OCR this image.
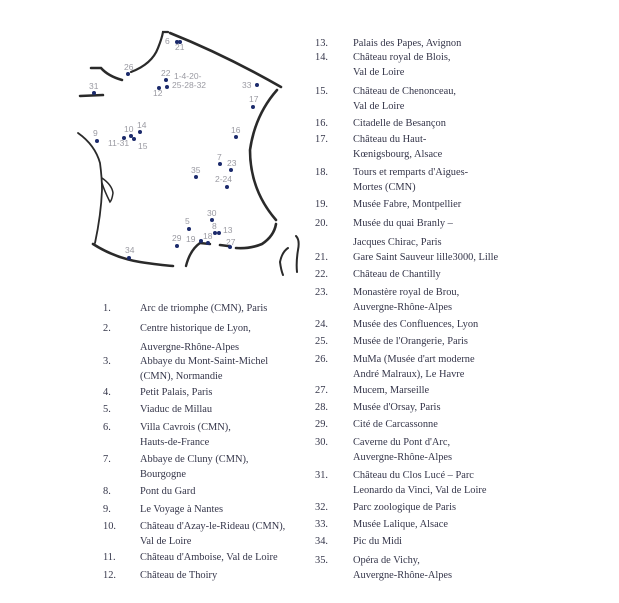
6
21
26
22 1-4-20-
25-28-32
12
31	33
17
16
9	10 14
11-31 15
7
23
35
2-24
30
5	8 13
29 19 18
27
34
1.	Arc de triomphe (CMN), Paris
2.	Centre historique de Lyon,
Auvergne-Rhône-Alpes
3.	Abbaye du Mont-Saint-Michel
(CMN), Normandie
4.	Petit Palais, Paris
5.	Viaduc de Millau
6.	Villa Cavrois (CMN),
Hauts-de-France
7.	Abbaye de Cluny (CMN),
Bourgogne
8.	Pont du Gard
9.	Le Voyage à Nantes
10. Château d'Azay-le-Rideau (CMN),
Val de Loire
11. Château d'Amboise, Val de Loire
12. Château de Thoiry
13. Palais des Papes, Avignon
14. Château royal de Blois,
Val de Loire
15. Château de Chenonceau,
Val de Loire
16. Citadelle de Besançon
17. Château du Haut-
Kœnigsbourg, Alsace
18. Tours et remparts d'Aigues-
Mortes (CMN)
19. Musée Fabre, Montpellier
20. Musée du quai Branly –
Jacques Chirac, Paris
21. Gare Saint Sauveur lille3000, Lille
22. Château de Chantilly
23. Monastère royal de Brou,
Auvergne-Rhône-Alpes
24. Musée des Confluences, Lyon
25. Musée de l'Orangerie, Paris
26. MuMa (Musée d'art moderne
André Malraux), Le Havre
27. Mucem, Marseille
28. Musée d'Orsay, Paris
29. Cité de Carcassonne
30. Caverne du Pont d'Arc,
Auvergne-Rhône-Alpes
31. Château du Clos Lucé – Parc
Leonardo da Vinci, Val de Loire
32. Parc zoologique de Paris
33. Musée Lalique, Alsace
34. Pic du Midi
35. Opéra de Vichy,
Auvergne-Rhône-Alpes
